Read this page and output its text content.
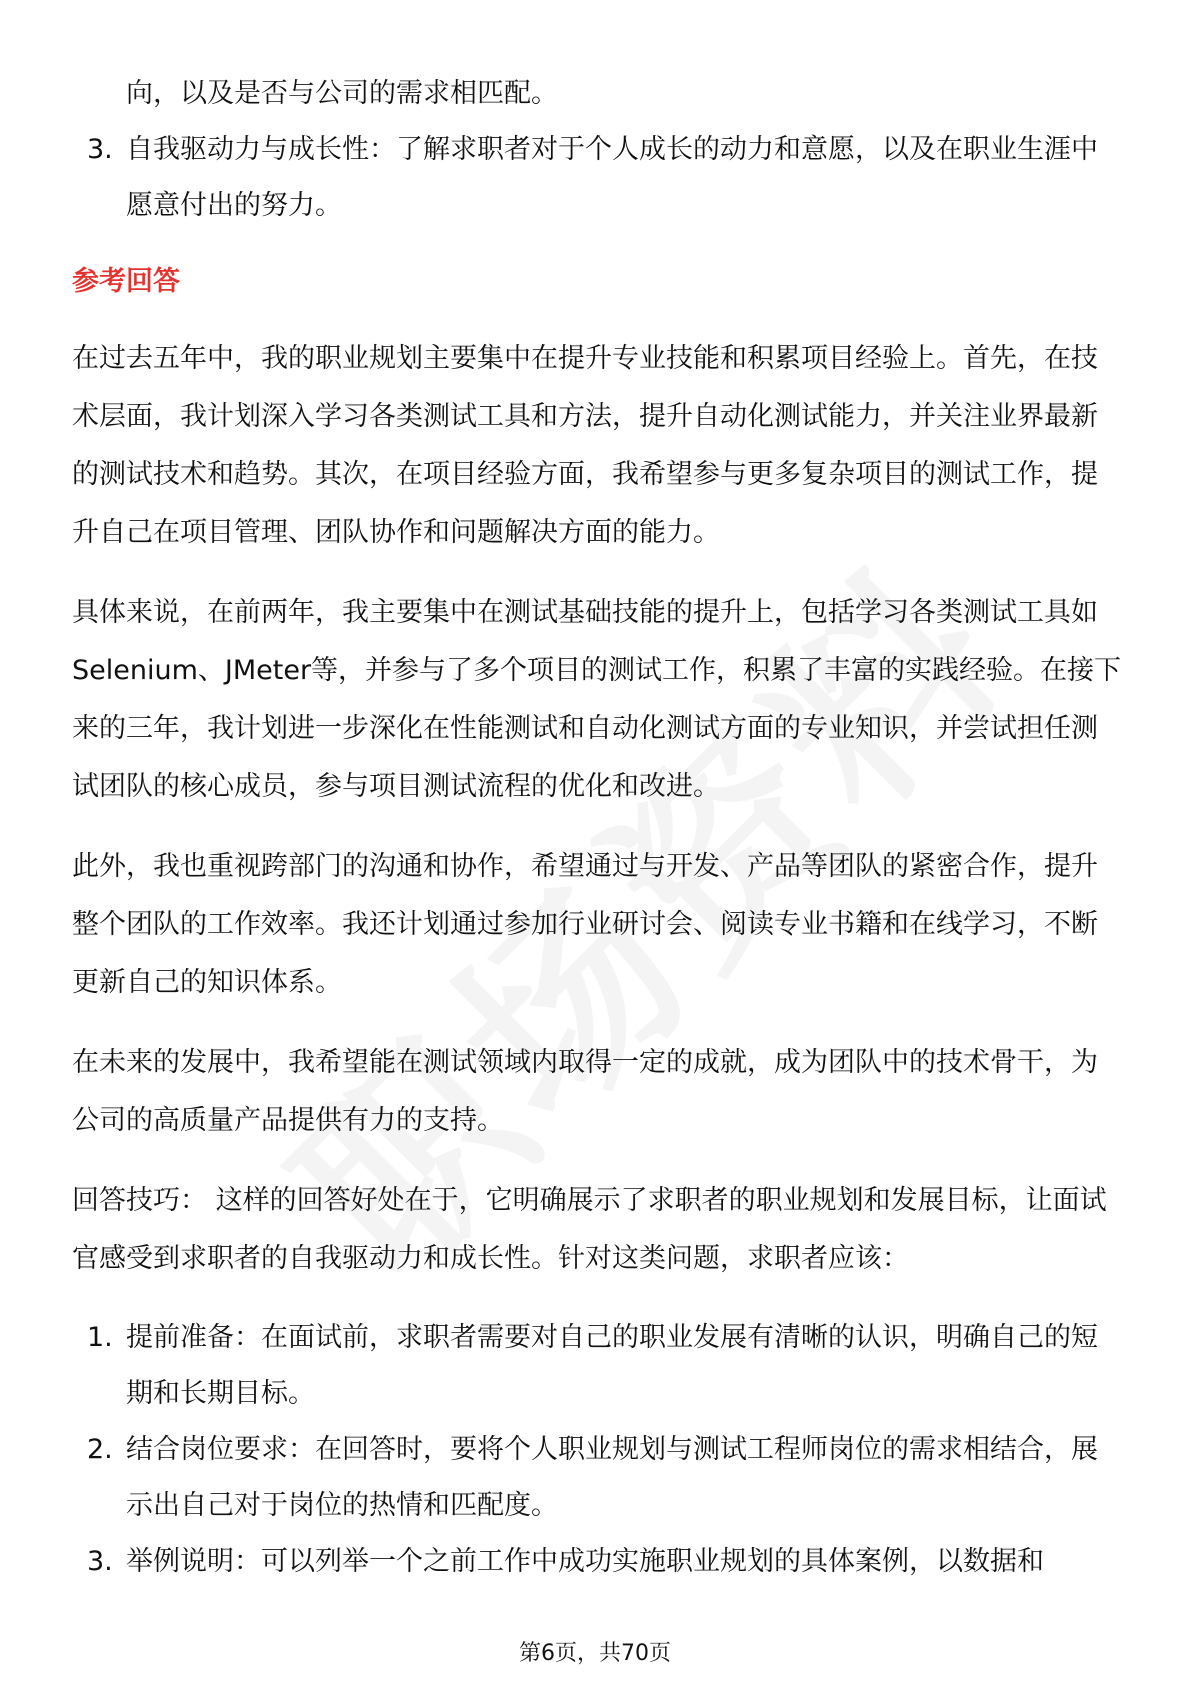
向，以及是否与公司的需求相匹配。
3. 自我驱动力与成长性：了解求职者对于个人成长的动力和意愿，以及在职业生涯中愿意付出的努力。
参考回答
在过去五年中，我的职业规划主要集中在提升专业技能和积累项目经验上。首先，在技术层面，我计划深入学习各类测试工具和方法，提升自动化测试能力，并关注业界最新的测试技术和趋势。其次，在项目经验方面，我希望参与更多复杂项目的测试工作，提升自己在项目管理、团队协作和问题解决方面的能力。
具体来说，在前两年，我主要集中在测试基础技能的提升上，包括学习各类测试工具如Selenium、JMeter等，并参与了多个项目的测试工作，积累了丰富的实践经验。在接下来的三年，我计划进一步深化在性能测试和自动化测试方面的专业知识，并尝试担任测试团队的核心成员，参与项目测试流程的优化和改进。
此外，我也重视跨部门的沟通和协作，希望通过与开发、产品等团队的紧密合作，提升整个团队的工作效率。我还计划通过参加行业研讨会、阅读专业书籍和在线学习，不断更新自己的知识体系。
在未来的发展中，我希望能在测试领域内取得一定的成就，成为团队中的技术骨干，为公司的高质量产品提供有力的支持。
回答技巧： 这样的回答好处在于，它明确展示了求职者的职业规划和发展目标，让面试官感受到求职者的自我驱动力和成长性。针对这类问题，求职者应该：
1. 提前准备：在面试前，求职者需要对自己的职业发展有清晰的认识，明确自己的短期和长期目标。
2. 结合岗位要求：在回答时，要将个人职业规划与测试工程师岗位的需求相结合，展示出自己对于岗位的热情和匹配度。
3. 举例说明：可以列举一个之前工作中成功实施职业规划的具体案例，以数据和
第6页，共70页
